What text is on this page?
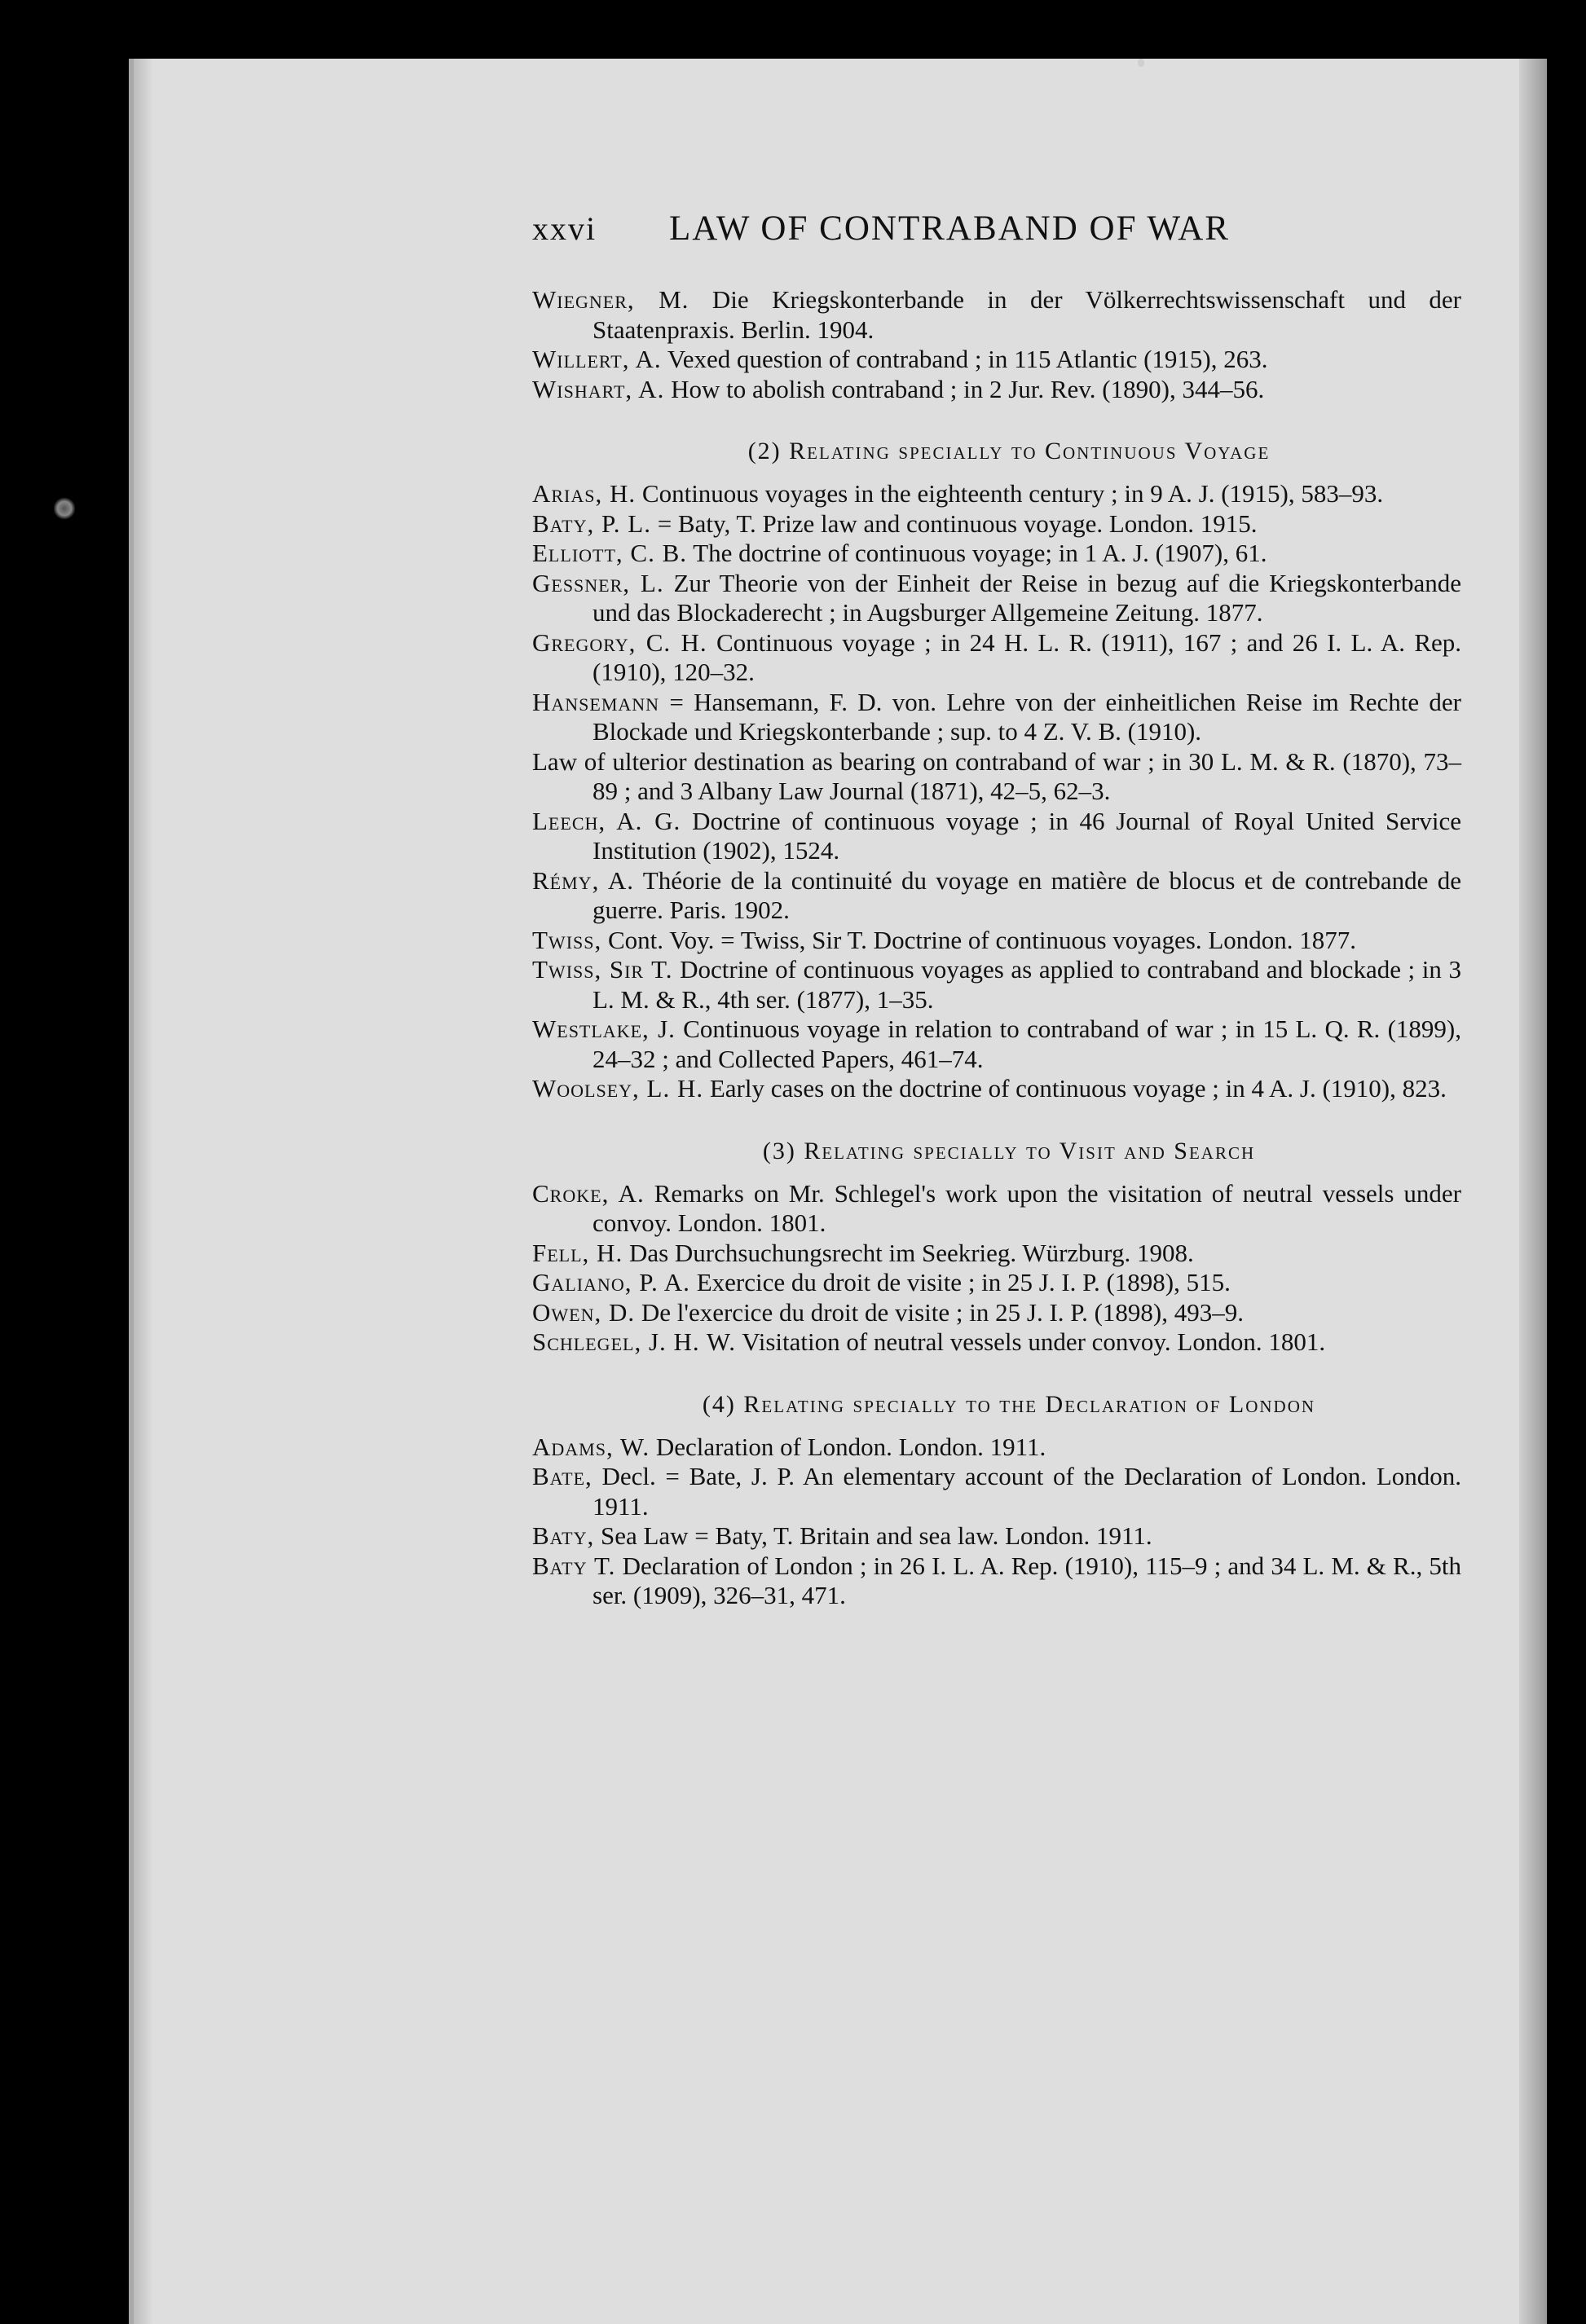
xxvi	LAW OF CONTRABAND OF WAR
Wiegner, M. Die Kriegskonterbande in der Völkerrechtswissenschaft und der Staatenpraxis. Berlin. 1904.
Willert, A. Vexed question of contraband ; in 115 Atlantic (1915), 263.
Wishart, A. How to abolish contraband ; in 2 Jur. Rev. (1890), 344–56.
(2) Relating specially to Continuous Voyage
Arias, H. Continuous voyages in the eighteenth century ; in 9 A. J. (1915), 583–93.
Baty, P. L. = Baty, T. Prize law and continuous voyage. London. 1915.
Elliott, C. B. The doctrine of continuous voyage; in 1 A. J. (1907), 61.
Gessner, L. Zur Theorie von der Einheit der Reise in bezug auf die Kriegskonterbande und das Blockaderecht ; in Augsburger Allgemeine Zeitung. 1877.
Gregory, C. H. Continuous voyage ; in 24 H. L. R. (1911), 167 ; and 26 I. L. A. Rep. (1910), 120–32.
Hansemann = Hansemann, F. D. von. Lehre von der einheitlichen Reise im Rechte der Blockade und Kriegskonterbande ; sup. to 4 Z. V. B. (1910).
Law of ulterior destination as bearing on contraband of war ; in 30 L. M. & R. (1870), 73–89 ; and 3 Albany Law Journal (1871), 42–5, 62–3.
Leech, A. G. Doctrine of continuous voyage ; in 46 Journal of Royal United Service Institution (1902), 1524.
Rémy, A. Théorie de la continuité du voyage en matière de blocus et de contrebande de guerre. Paris. 1902.
Twiss, Cont. Voy. = Twiss, Sir T. Doctrine of continuous voyages. London. 1877.
Twiss, Sir T. Doctrine of continuous voyages as applied to contraband and blockade ; in 3 L. M. & R., 4th ser. (1877), 1–35.
Westlake, J. Continuous voyage in relation to contraband of war ; in 15 L. Q. R. (1899), 24–32 ; and Collected Papers, 461–74.
Woolsey, L. H. Early cases on the doctrine of continuous voyage ; in 4 A. J. (1910), 823.
(3) Relating specially to Visit and Search
Croke, A. Remarks on Mr. Schlegel's work upon the visitation of neutral vessels under convoy. London. 1801.
Fell, H. Das Durchsuchungsrecht im Seekrieg. Würzburg. 1908.
Galiano, P. A. Exercice du droit de visite ; in 25 J. I. P. (1898), 515.
Owen, D. De l'exercice du droit de visite ; in 25 J. I. P. (1898), 493–9.
Schlegel, J. H. W. Visitation of neutral vessels under convoy. London. 1801.
(4) Relating specially to the Declaration of London
Adams, W. Declaration of London. London. 1911.
Bate, Decl. = Bate, J. P. An elementary account of the Declaration of London. London. 1911.
Baty, Sea Law = Baty, T. Britain and sea law. London. 1911.
Baty T. Declaration of London ; in 26 I. L. A. Rep. (1910), 115–9 ; and 34 L. M. & R., 5th ser. (1909), 326–31, 471.
